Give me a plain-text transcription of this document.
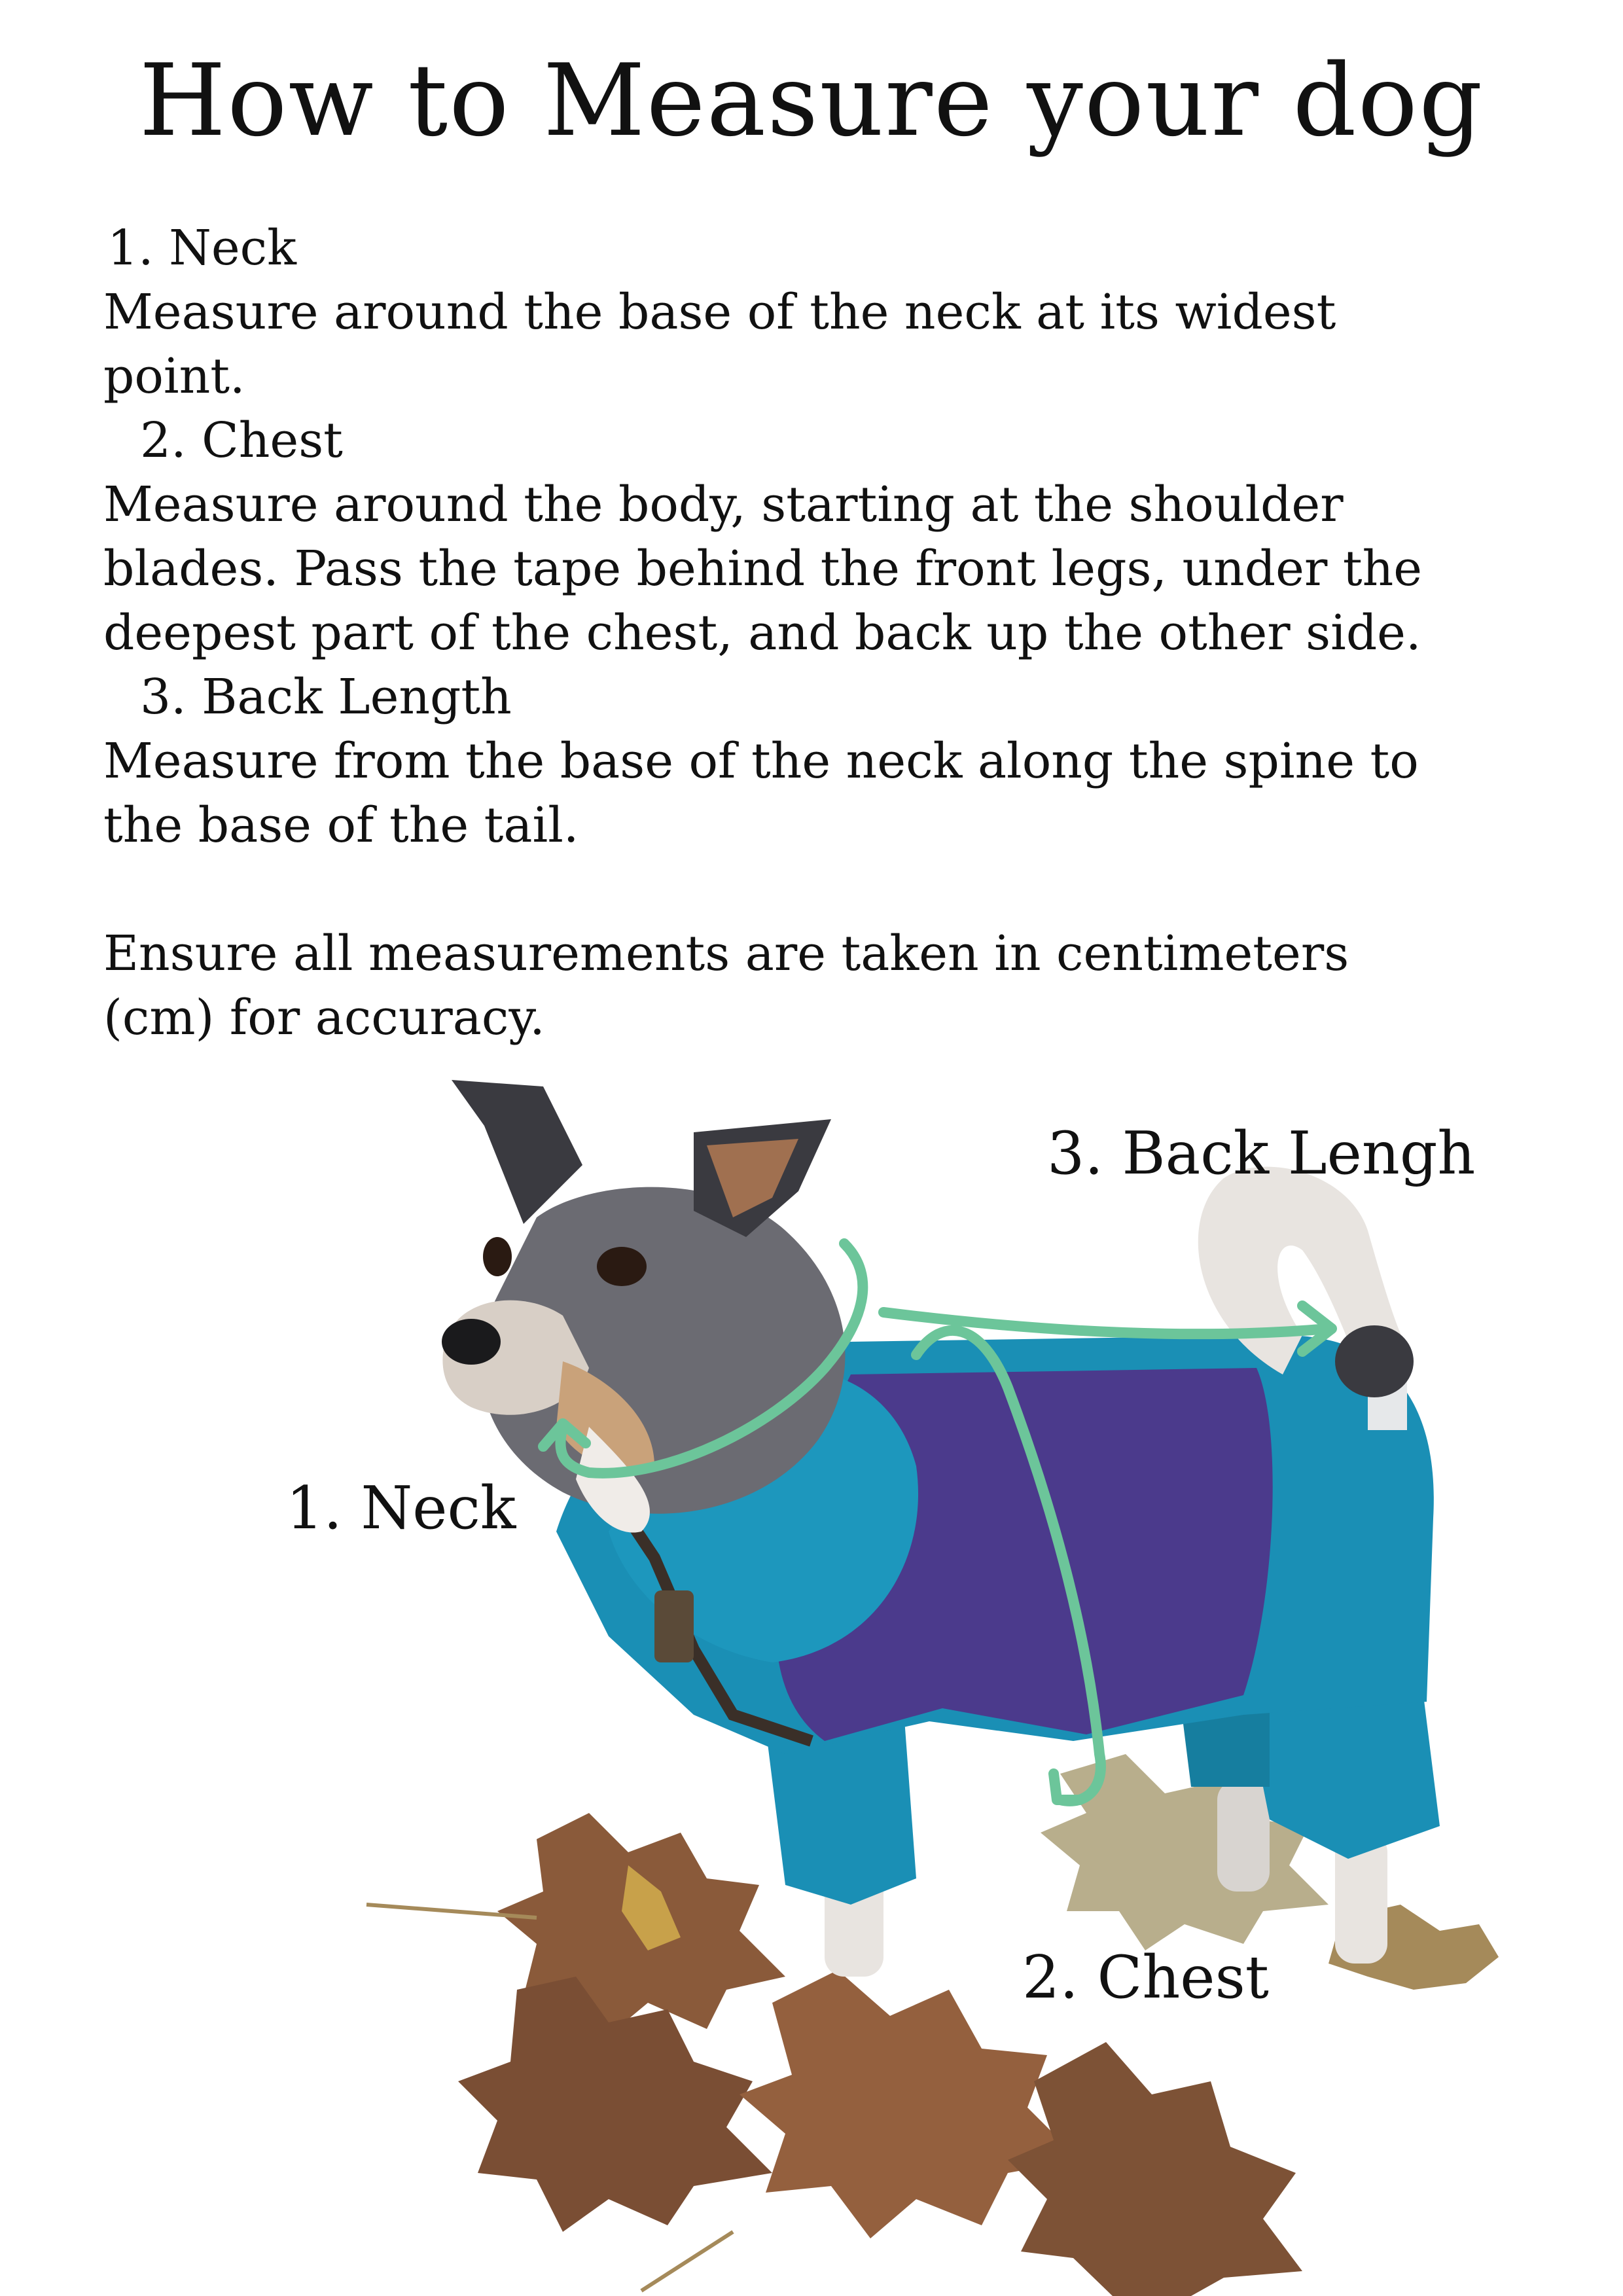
How to Measure your dog
1. Neck
Measure around the base of the neck at its widest
point.
2. Chest
Measure around the body, starting at the shoulder
blades. Pass the tape behind the front legs, under the
deepest part of the chest, and back up the other side.
3. Back Length
Measure from the base of the neck along the spine to
the base of the tail.
Ensure all measurements are taken in centimeters
(cm) for accuracy.
3. Back Lengh
1. Neck
2. Chest
